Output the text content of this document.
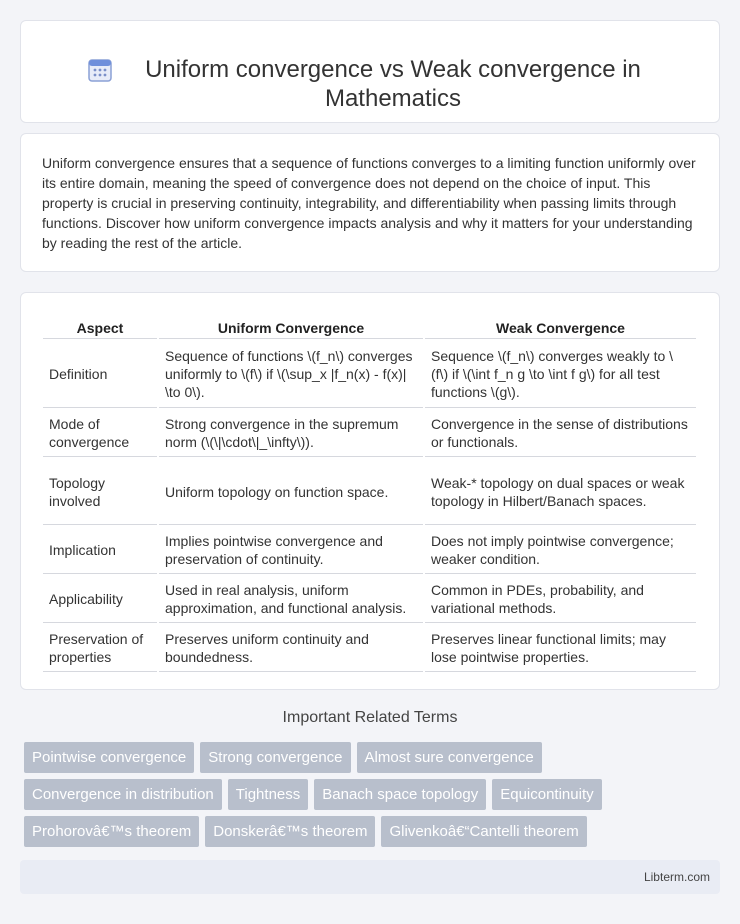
Uniform convergence vs Weak convergence in Mathematics

Uniform convergence ensures that a sequence of functions converges to a limiting function uniformly over its entire domain, meaning the speed of convergence does not depend on the choice of input. This property is crucial in preserving continuity, integrability, and differentiability when passing limits through functions. Discover how uniform convergence impacts analysis and why it matters for your understanding by reading the rest of the article.

Aspect	Uniform Convergence	Weak Convergence
Definition	Sequence of functions \(f_n\) converges uniformly to \(f\) if \(\sup_x |f_n(x) - f(x)| \to 0\).	Sequence \(f_n\) converges weakly to \(f\) if \(\int f_n g \to \int f g\) for all test functions \(g\).
Mode of convergence	Strong convergence in the supremum norm (\(\|\cdot\|_\infty\)).	Convergence in the sense of distributions or functionals.
Topology involved	Uniform topology on function space.	Weak-* topology on dual spaces or weak topology in Hilbert/Banach spaces.
Implication	Implies pointwise convergence and preservation of continuity.	Does not imply pointwise convergence; weaker condition.
Applicability	Used in real analysis, uniform approximation, and functional analysis.	Common in PDEs, probability, and variational methods.
Preservation of properties	Preserves uniform continuity and boundedness.	Preserves linear functional limits; may lose pointwise properties.
Important Related Terms
Pointwise convergence	Strong convergence	Almost sure convergence
Convergence in distribution	Tightness	Banach space topology	Equicontinuity
Prohorovâ€™s theorem	Donskerâ€™s theorem	Glivenkoâ€“Cantelli theorem
Libterm.com
